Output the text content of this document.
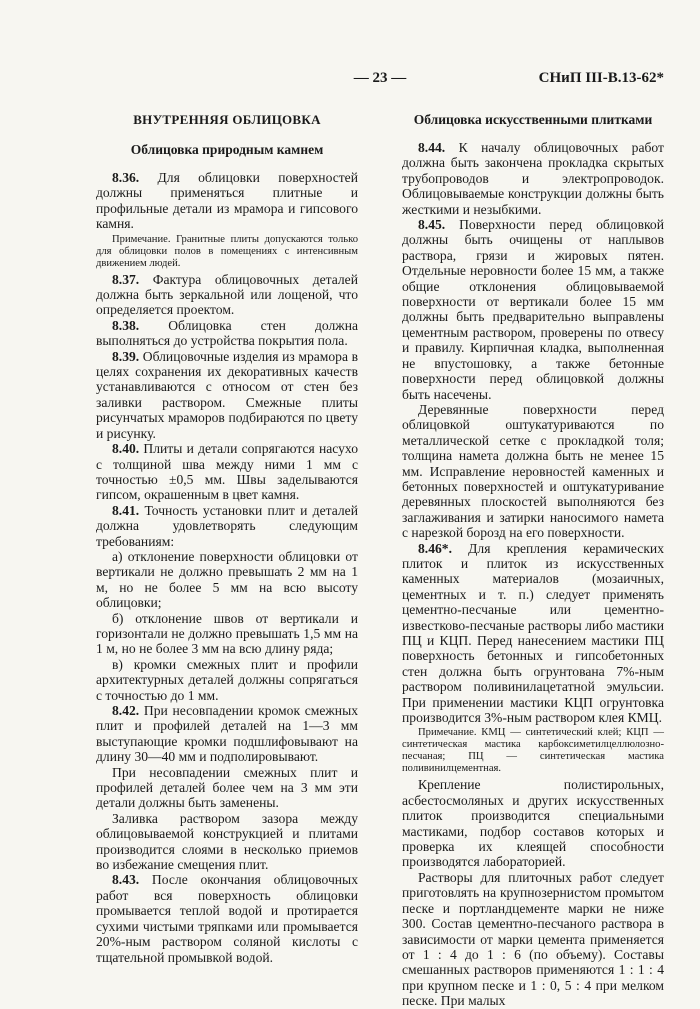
— 23 —	СНиП III-В.13-62*
ВНУТРЕННЯЯ ОБЛИЦОВКА
Облицовка природным камнем

8.36. Для облицовки поверхностей должны применяться плитные и профильные детали из мрамора и гипсового камня.

Примечание. Гранитные плиты допускаются только для облицовки полов в помещениях с интенсивным движением людей.

8.37. Фактура облицовочных деталей должна быть зеркальной или лощеной, что определяется проектом.

8.38. Облицовка стен должна выполняться до устройства покрытия пола.

8.39. Облицовочные изделия из мрамора в целях сохранения их декоративных качеств устанавливаются с относом от стен без заливки раствором. Смежные плиты рисунчатых мраморов подбираются по цвету и рисунку.

8.40. Плиты и детали сопрягаются насухо с толщиной шва между ними 1 мм с точностью ±0,5 мм. Швы заделываются гипсом, окрашенным в цвет камня.

8.41. Точность установки плит и деталей должна удовлетворять следующим требованиям:

а) отклонение поверхности облицовки от вертикали не должно превышать 2 мм на 1 м, но не более 5 мм на всю высоту облицовки;

б) отклонение швов от вертикали и горизонтали не должно превышать 1,5 мм на 1 м, но не более 3 мм на всю длину ряда;

в) кромки смежных плит и профили архитектурных деталей должны сопрягаться с точностью до 1 мм.

8.42. При несовпадении кромок смежных плит и профилей деталей на 1—3 мм выступающие кромки подшлифовывают на длину 30—40 мм и подполировывают.

При несовпадении смежных плит и профилей деталей более чем на 3 мм эти детали должны быть заменены.

Заливка раствором зазора между облицовываемой конструкцией и плитами производится слоями в несколько приемов во избежание смещения плит.

8.43. После окончания облицовочных работ вся поверхность облицовки промывается теплой водой и протирается сухими чистыми тряпками или промывается 20%-ным раствором соляной кислоты с тщательной промывкой водой.

Облицовка искусственными плитками

8.44. К началу облицовочных работ должна быть закончена прокладка скрытых трубопроводов и электропроводок. Облицовываемые конструкции должны быть жесткими и незыбкими.

8.45. Поверхности перед облицовкой должны быть очищены от наплывов раствора, грязи и жировых пятен. Отдельные неровности более 15 мм, а также общие отклонения облицовываемой поверхности от вертикали более 15 мм должны быть предварительно выправлены цементным раствором, проверены по отвесу и правилу. Кирпичная кладка, выполненная не впустошовку, а также бетонные поверхности перед облицовкой должны быть насечены.

Деревянные поверхности перед облицовкой оштукатуриваются по металлической сетке с прокладкой толя; толщина намета должна быть не менее 15 мм. Исправление неровностей каменных и бетонных поверхностей и оштукатуривание деревянных плоскостей выполняются без заглаживания и затирки наносимого намета с нарезкой борозд на его поверхности.

8.46*. Для крепления керамических плиток и плиток из искусственных каменных материалов (мозаичных, цементных и т. п.) следует применять цементно-песчаные или цементно-известково-песчаные растворы либо мастики ПЦ и КЦП. Перед нанесением мастики ПЦ поверхность бетонных и гипсобетонных стен должна быть огрунтована 7%-ным раствором поливинилацетатной эмульсии. При применении мастики КЦП огрунтовка производится 3%-ным раствором клея КМЦ.

Примечание. КМЦ — синтетический клей; КЦП — синтетическая мастика карбоксиметилцеллюлозно-песчаная; ПЦ — синтетическая мастика поливинилцементная.

Крепление полистирольных, асбестосмоляных и других искусственных плиток производится специальными мастиками, подбор составов которых и проверка их клеящей способности производятся лабораторией.

Растворы для плиточных работ следует приготовлять на крупнозернистом промытом песке и портландцементе марки не ниже 300. Состав цементно-песчаного раствора в зависимости от марки цемента применяется от 1 : 4 до 1 : 6 (по объему). Составы смешанных растворов применяются 1 : 1 : 4 при крупном песке и 1 : 0, 5 : 4 при мелком песке. При малых
